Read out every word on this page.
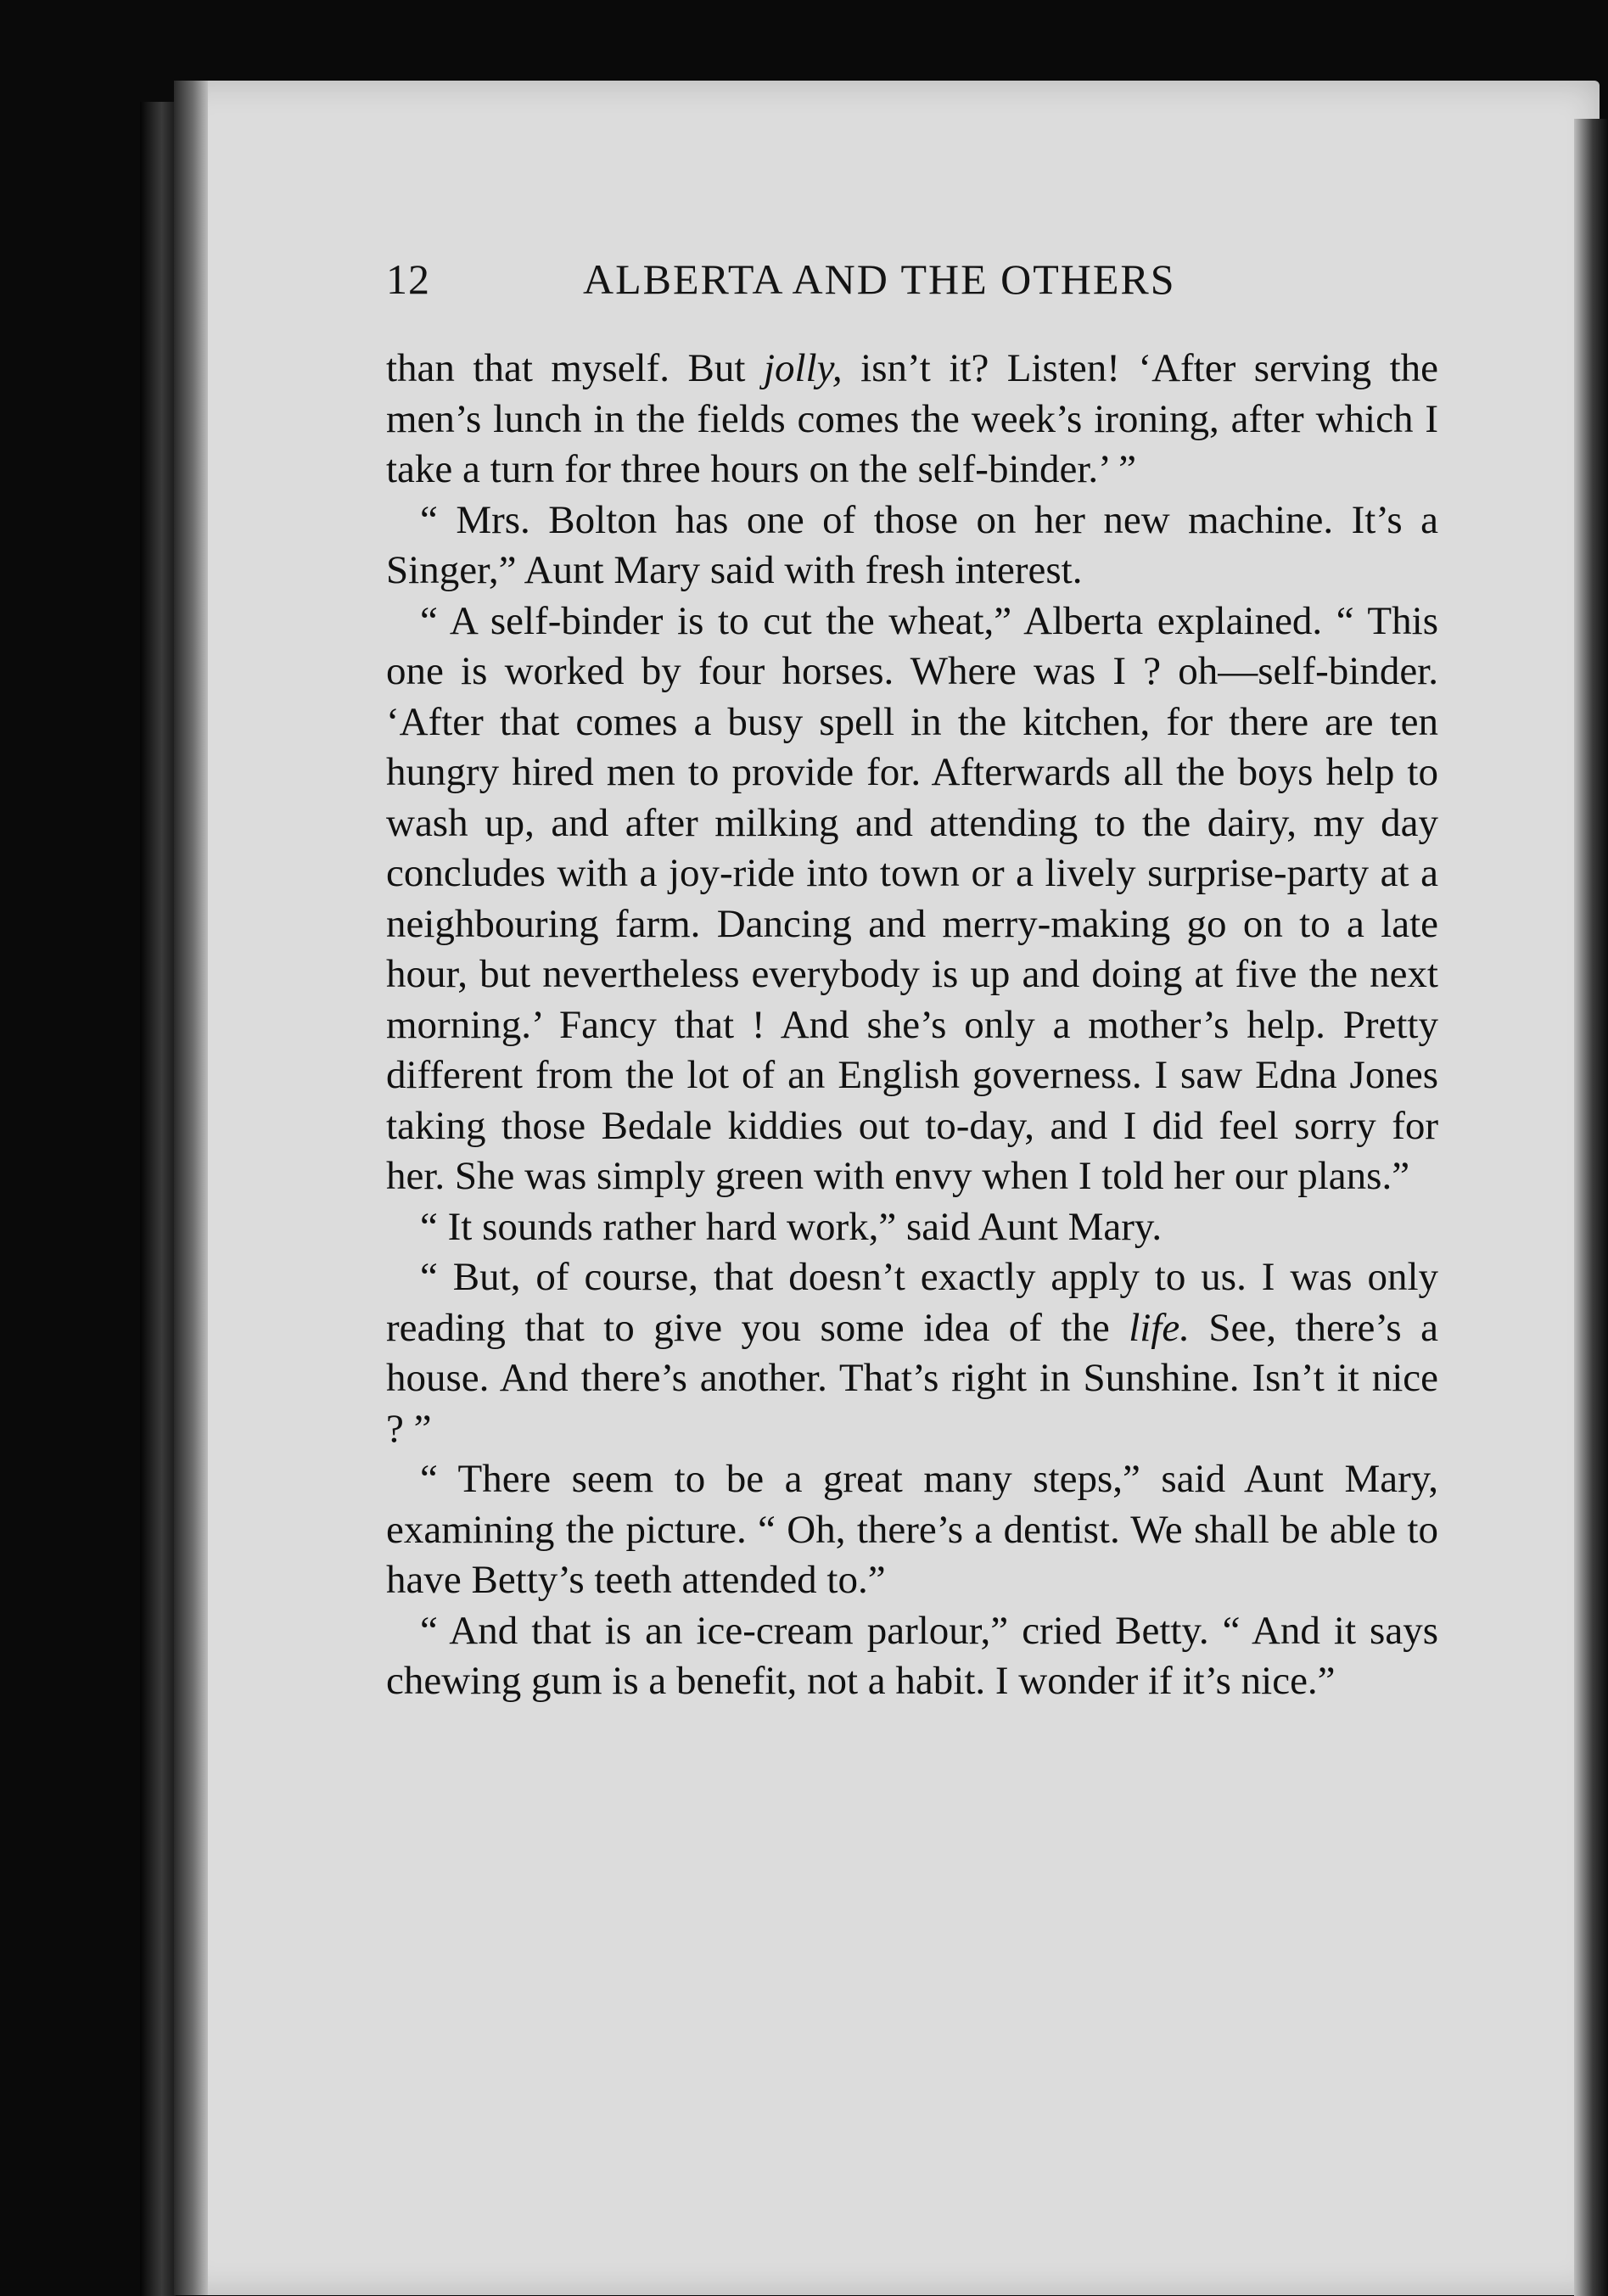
12	ALBERTA AND THE OTHERS

than that myself. But jolly, isn’t it? Listen! ‘After serving the men’s lunch in the fields comes the week’s ironing, after which I take a turn for three hours on the self-binder.’ ”

“ Mrs. Bolton has one of those on her new machine. It’s a Singer,” Aunt Mary said with fresh interest.

“ A self-binder is to cut the wheat,” Alberta explained. “ This one is worked by four horses. Where was I ? oh—self-binder. ‘After that comes a busy spell in the kitchen, for there are ten hungry hired men to provide for. Afterwards all the boys help to wash up, and after milking and attending to the dairy, my day concludes with a joy-ride into town or a lively surprise-party at a neighbouring farm. Dancing and merry-making go on to a late hour, but nevertheless everybody is up and doing at five the next morning.’ Fancy that ! And she’s only a mother’s help. Pretty different from the lot of an English governess. I saw Edna Jones taking those Bedale kiddies out to-day, and I did feel sorry for her. She was simply green with envy when I told her our plans.”

“ It sounds rather hard work,” said Aunt Mary.

“ But, of course, that doesn’t exactly apply to us. I was only reading that to give you some idea of the life. See, there’s a house. And there’s another. That’s right in Sunshine. Isn’t it nice ? ”

“ There seem to be a great many steps,” said Aunt Mary, examining the picture. “ Oh, there’s a dentist. We shall be able to have Betty’s teeth attended to.”

“ And that is an ice-cream parlour,” cried Betty. “ And it says chewing gum is a benefit, not a habit. I wonder if it’s nice.”
